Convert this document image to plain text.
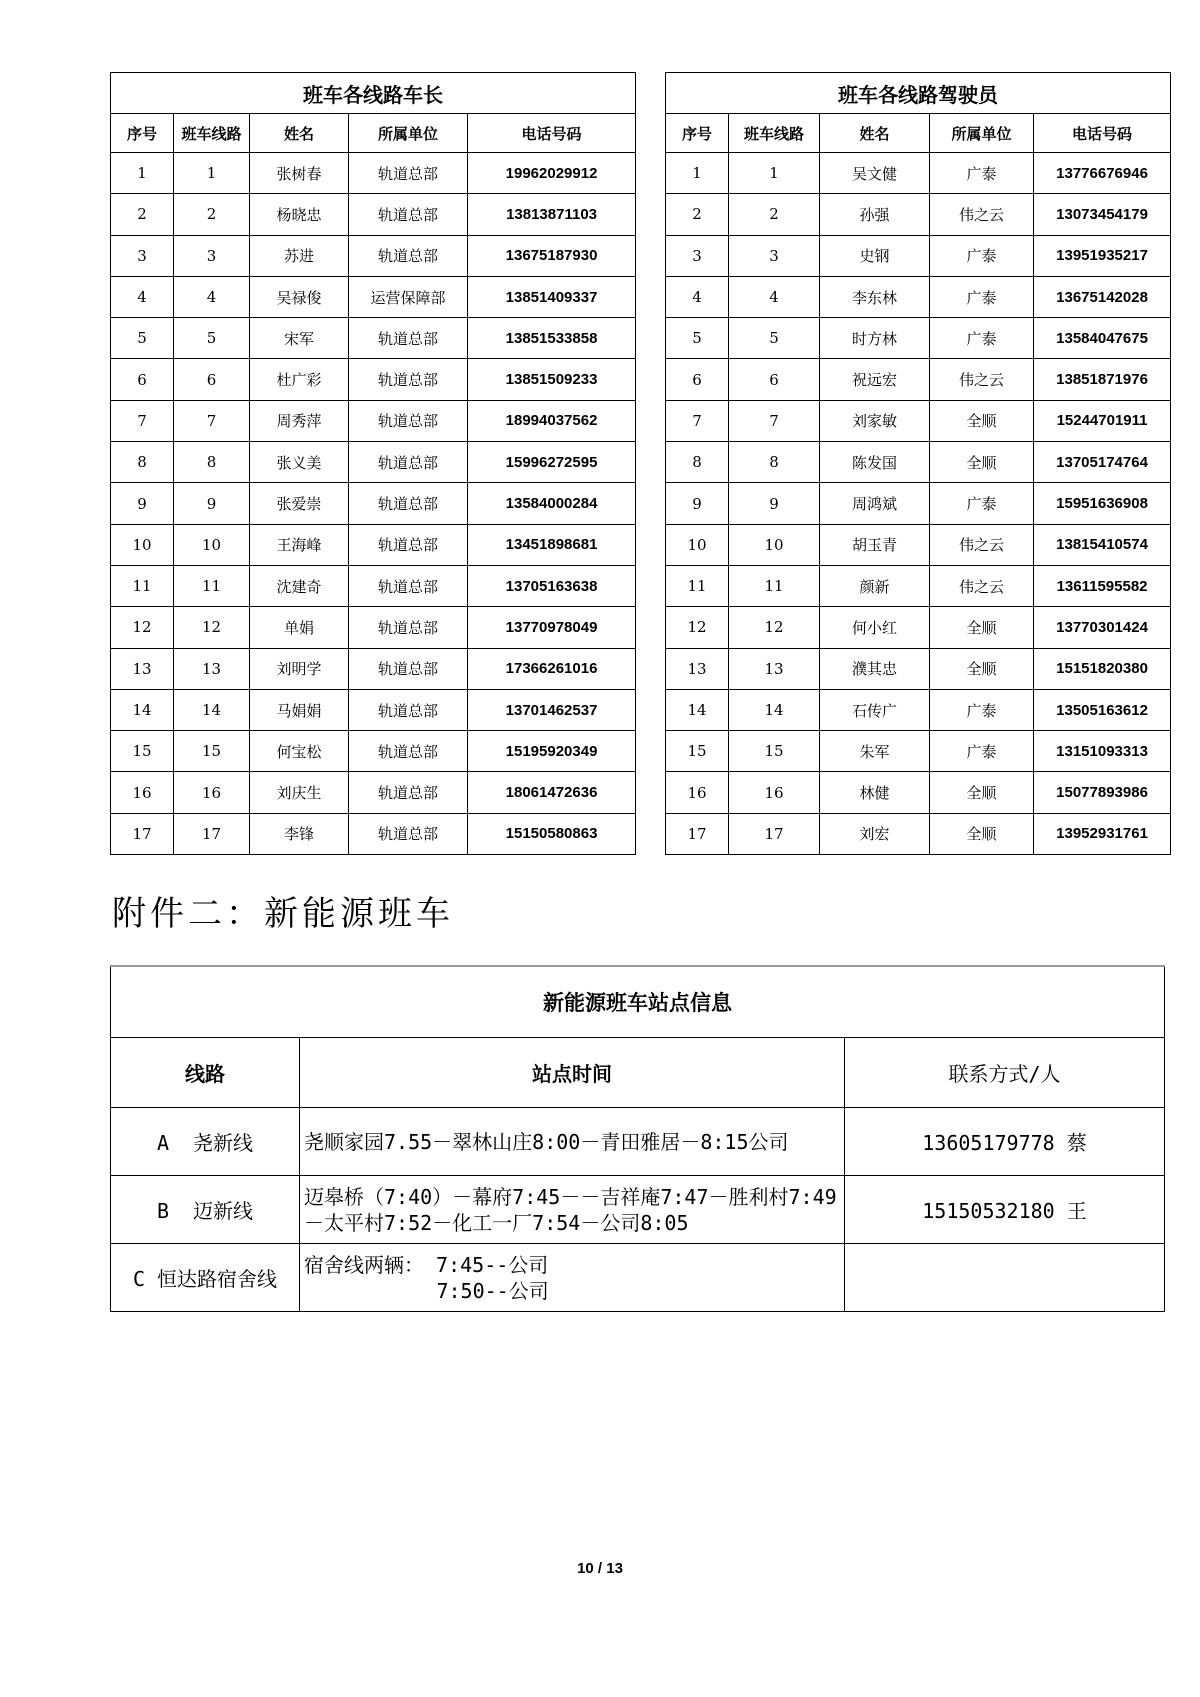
班车各线路车长				
序号	班车线路	姓名	所属单位	电话号码
1	1	张树春	轨道总部	19962029912
2	2	杨晓忠	轨道总部	13813871103
3	3	苏进	轨道总部	13675187930
4	4	吴禄俊	运营保障部	13851409337
5	5	宋军	轨道总部	13851533858
6	6	杜广彩	轨道总部	13851509233
7	7	周秀萍	轨道总部	18994037562
8	8	张义美	轨道总部	15996272595
9	9	张爱崇	轨道总部	13584000284
10	10	王海峰	轨道总部	13451898681
11	11	沈建奇	轨道总部	13705163638
12	12	单娟	轨道总部	13770978049
13	13	刘明学	轨道总部	17366261016
14	14	马娟娟	轨道总部	13701462537
15	15	何宝松	轨道总部	15195920349
16	16	刘庆生	轨道总部	18061472636
17	17	李锋	轨道总部	15150580863
班车各线路驾驶员				
序号	班车线路	姓名	所属单位	电话号码
1	1	吴文健	广泰	13776676946
2	2	孙强	伟之云	13073454179
3	3	史钢	广泰	13951935217
4	4	李东林	广泰	13675142028
5	5	时方林	广泰	13584047675
6	6	祝远宏	伟之云	13851871976
7	7	刘家敏	全顺	15244701911
8	8	陈发国	全顺	13705174764
9	9	周鸿斌	广泰	15951636908
10	10	胡玉青	伟之云	13815410574
11	11	颜新	伟之云	13611595582
12	12	何小红	全顺	13770301424
13	13	濮其忠	全顺	15151820380
14	14	石传广	广泰	13505163612
15	15	朱军	广泰	13151093313
16	16	林健	全顺	15077893986
17	17	刘宏	全顺	13952931761
附件二：新能源班车
新能源班车站点信息		
线路	站点时间	联系方式/人
A  尧新线	尧顺家园7.55－翠林山庄8:00－青田雅居－8:15公司	13605179778 蔡
B  迈新线	迈皋桥（7:40）－幕府7:45－－吉祥庵7:47－胜利村7:49－太平村7:52－化工一厂7:54－公司8:05	15150532180 王
C 恒达路宿舍线	宿舍线两辆： 7:45--公司
7:50--公司	
10 / 13
